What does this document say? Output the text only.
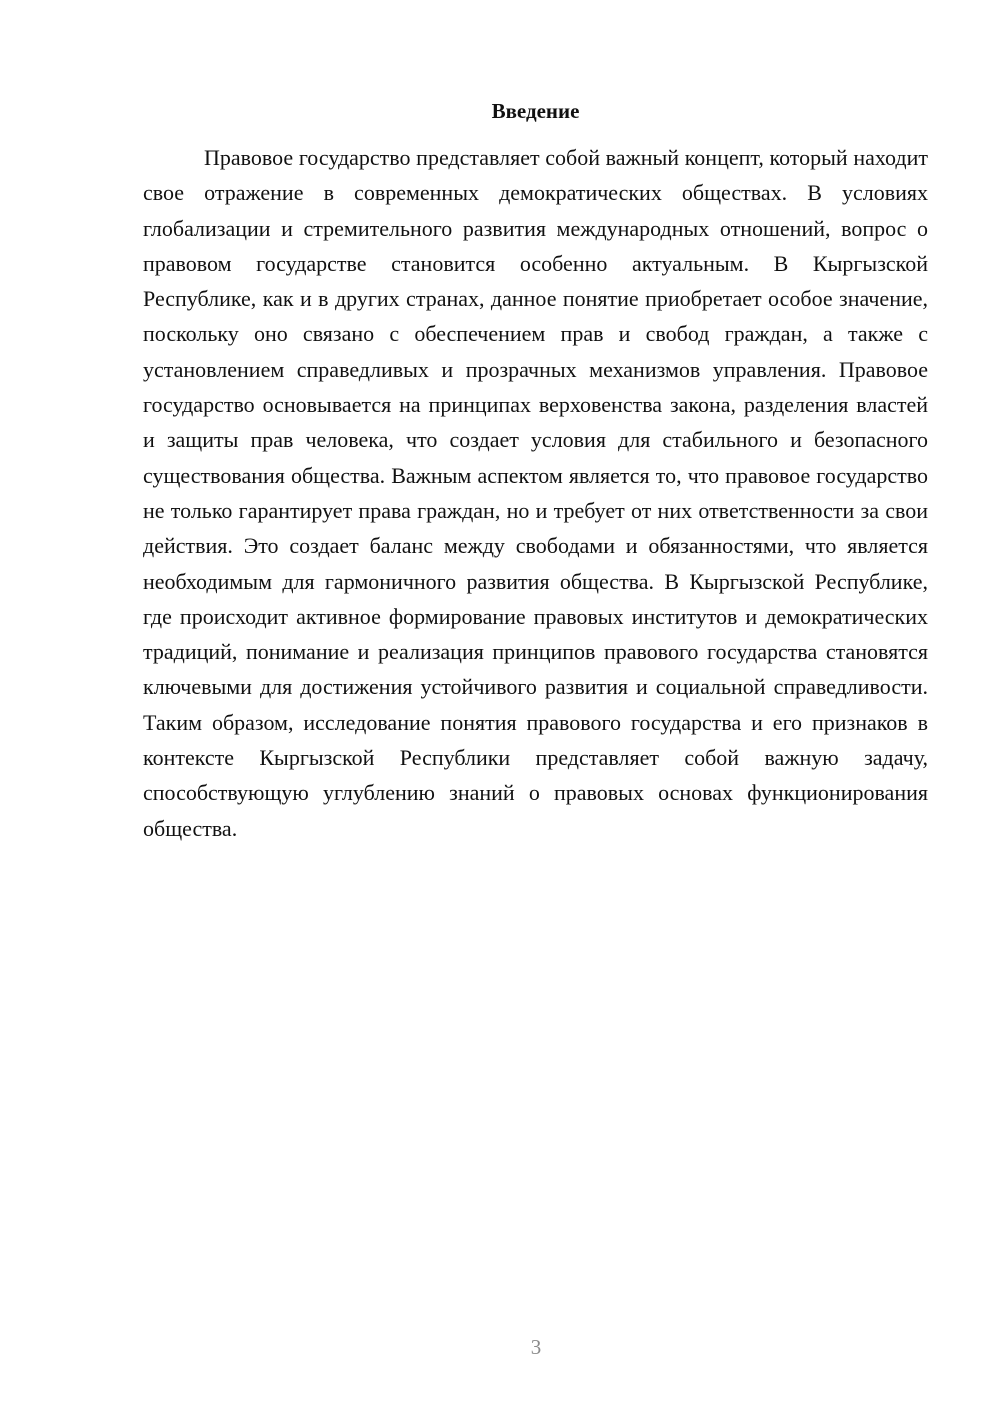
Введение

Правовое государство представляет собой важный концепт, который находит свое отражение в современных демократических обществах. В условиях глобализации и стремительного развития международных отношений, вопрос о правовом государстве становится особенно актуальным. В Кыргызской Республике, как и в других странах, данное понятие приобретает особое значение, поскольку оно связано с обеспечением прав и свобод граждан, а также с установлением справедливых и прозрачных механизмов управления. Правовое государство основывается на принципах верховенства закона, разделения властей и защиты прав человека, что создает условия для стабильного и безопасного существования общества. Важным аспектом является то, что правовое государство не только гарантирует права граждан, но и требует от них ответственности за свои действия. Это создает баланс между свободами и обязанностями, что является необходимым для гармоничного развития общества. В Кыргызской Республике, где происходит активное формирование правовых институтов и демократических традиций, понимание и реализация принципов правового государства становятся ключевыми для достижения устойчивого развития и социальной справедливости. Таким образом, исследование понятия правового государства и его признаков в контексте Кыргызской Республики представляет собой важную задачу, способствующую углублению знаний о правовых основах функционирования общества.

3
